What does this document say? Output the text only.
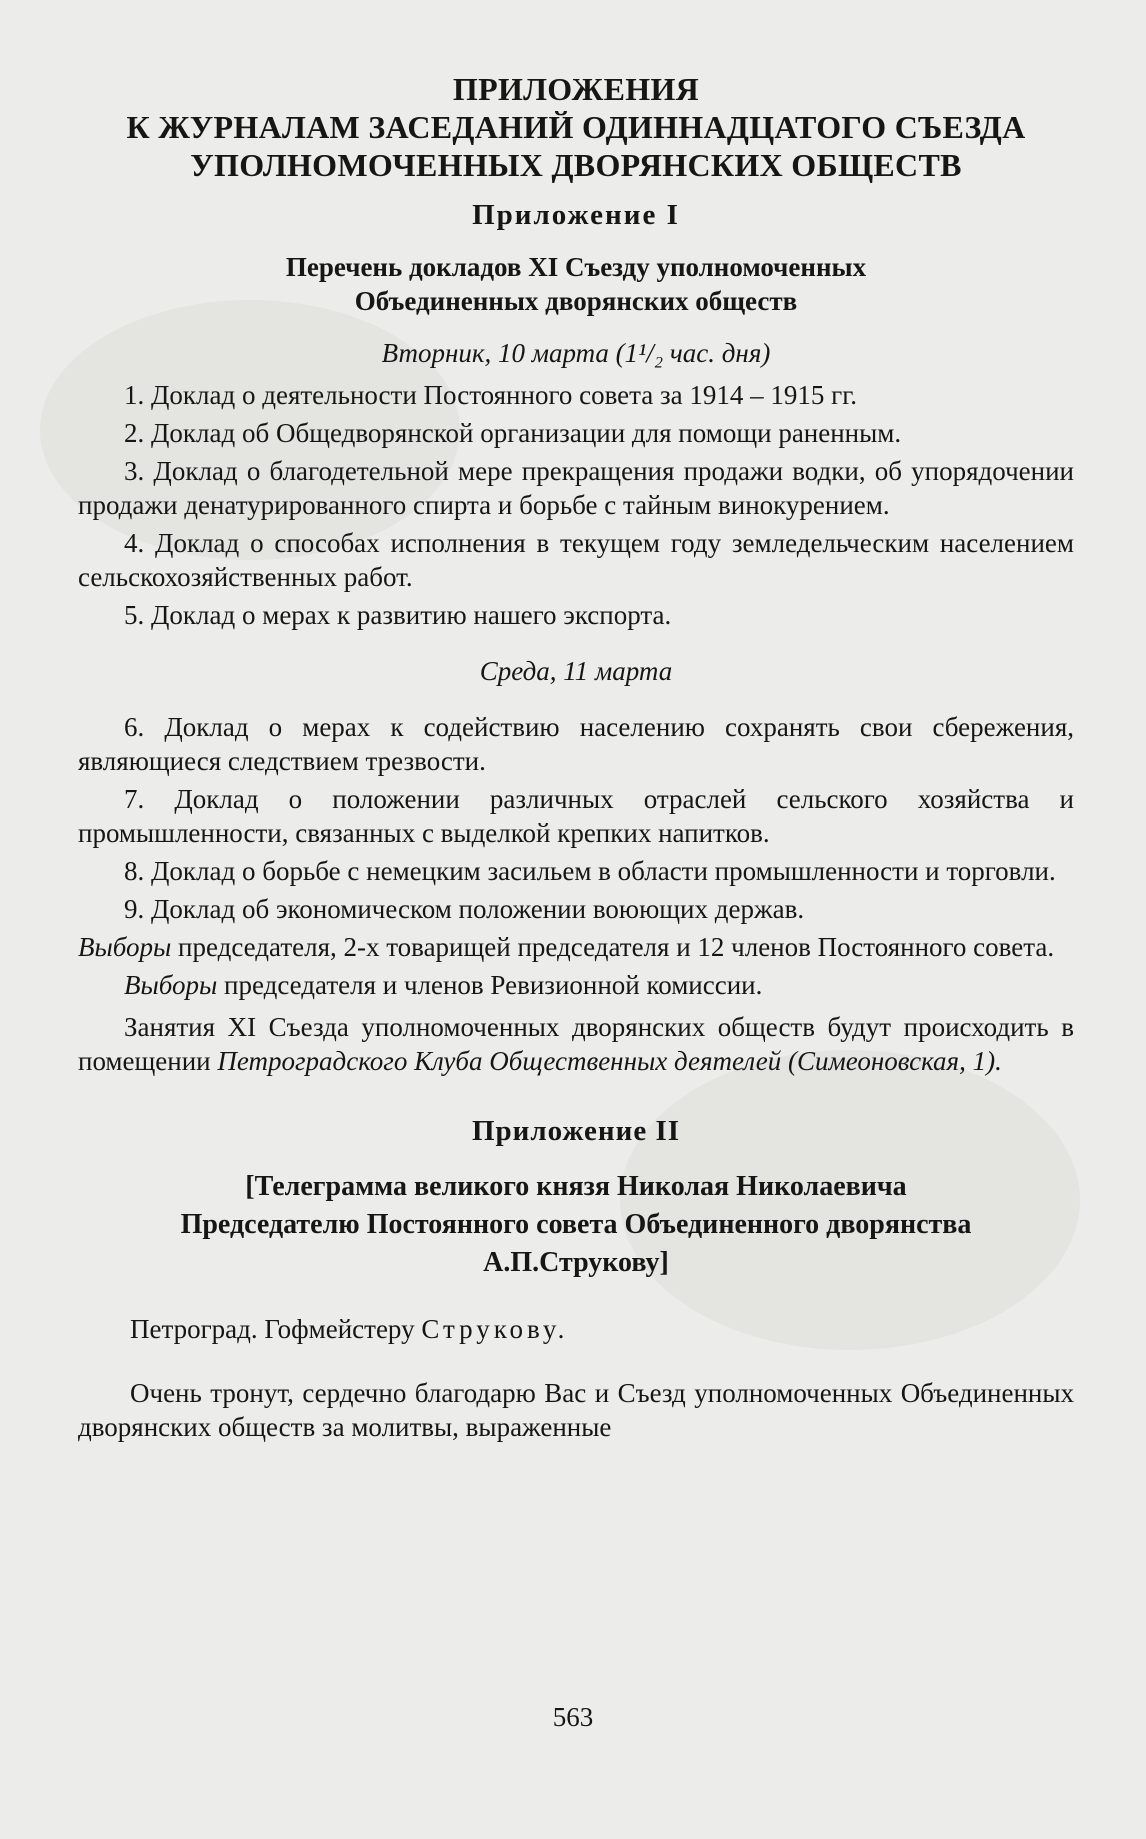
ПРИЛОЖЕНИЯ

К ЖУРНАЛАМ ЗАСЕДАНИЙ ОДИННАДЦАТОГО СЪЕЗДА

УПОЛНОМОЧЕННЫХ ДВОРЯНСКИХ ОБЩЕСТВ

Приложение I

Перечень докладов XI Съезду уполномоченных

Объединенных дворянских обществ

Вторник, 10 марта (1¹/₂ час. дня)

1. Доклад о деятельности Постоянного совета за 1914 – 1915 гг.

2. Доклад об Общедворянской организации для помощи раненным.

3. Доклад о благодетельной мере прекращения продажи водки, об упорядочении продажи денатурированного спирта и борьбе с тайным винокурением.

4. Доклад о способах исполнения в текущем году земледельческим населением сельскохозяйственных работ.

5. Доклад о мерах к развитию нашего экспорта.

Среда, 11 марта

6. Доклад о мерах к содействию населению сохранять свои сбережения, являющиеся следствием трезвости.

7. Доклад о положении различных отраслей сельского хозяйства и промышленности, связанных с выделкой крепких напитков.

8. Доклад о борьбе с немецким засильем в области промышленности и торговли.

9. Доклад об экономическом положении воюющих держав.

Выборы председателя, 2-х товарищей председателя и 12 членов Постоянного совета.

Выборы председателя и членов Ревизионной комиссии.

Занятия XI Съезда уполномоченных дворянских обществ будут происходить в помещении Петроградского Клуба Общественных деятелей (Симеоновская, 1).

Приложение II

[Телеграмма великого князя Николая Николаевича

Председателю Постоянного совета Объединенного дворянства

А.П.Струкову]

Петроград. Гофмейстеру Струкову.

Очень тронут, сердечно благодарю Вас и Съезд уполномоченных Объединенных дворянских обществ за молитвы, выраженные

563
